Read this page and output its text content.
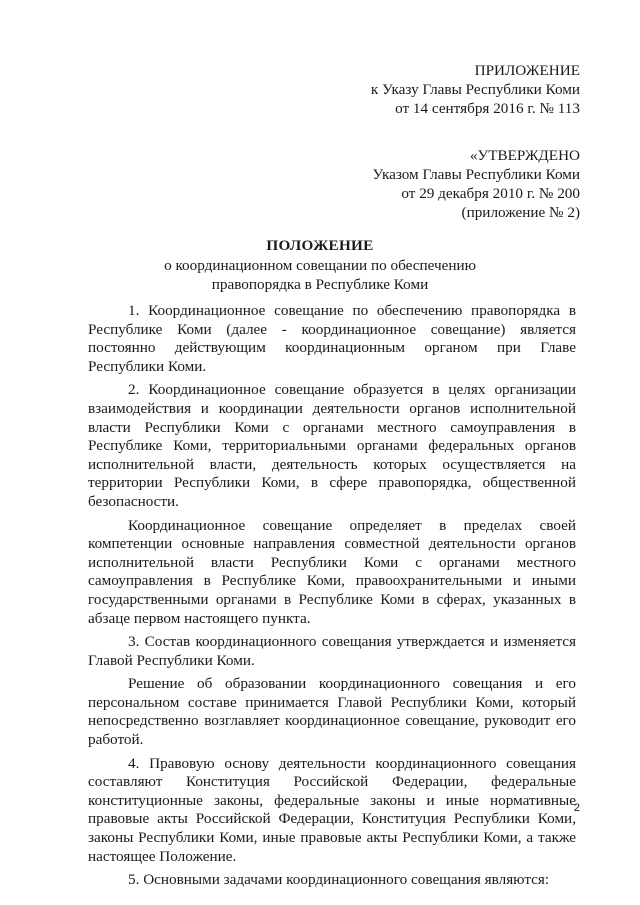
ПРИЛОЖЕНИЕ
к Указу Главы Республики Коми
от 14 сентября 2016 г. № 113
«УТВЕРЖДЕНО
Указом Главы Республики Коми
от 29 декабря 2010 г. № 200
(приложение № 2)
ПОЛОЖЕНИЕ
о координационном совещании по обеспечению
правопорядка в Республике Коми

1. Координационное совещание по обеспечению правопорядка в Республике Коми (далее - координационное совещание) является постоянно действующим координационным органом при Главе Республики Коми.

2. Координационное совещание образуется в целях организации взаимодействия и координации деятельности органов исполнительной власти Республики Коми с органами местного самоуправления в Республике Коми, территориальными органами федеральных органов исполнительной власти, деятельность которых осуществляется на территории Республики Коми, в сфере правопорядка, общественной безопасности.

Координационное совещание определяет в пределах своей компетенции основные направления совместной деятельности органов исполнительной власти Республики Коми с органами местного самоуправления в Республике Коми, правоохранительными и иными государственными органами в Республике Коми в сферах, указанных в абзаце первом настоящего пункта.

3. Состав координационного совещания утверждается и изменяется Главой Республики Коми.

Решение об образовании координационного совещания и его персональном составе принимается Главой Республики Коми, который непосредственно возглавляет координационное совещание, руководит его работой.

4. Правовую основу деятельности координационного совещания составляют Конституция Российской Федерации, федеральные конституционные законы, федеральные законы и иные нормативные правовые акты Российской Федерации, Конституция Республики Коми, законы Республики Коми, иные правовые акты Республики Коми, а также настоящее Положение.

5. Основными задачами координационного совещания являются:

2
